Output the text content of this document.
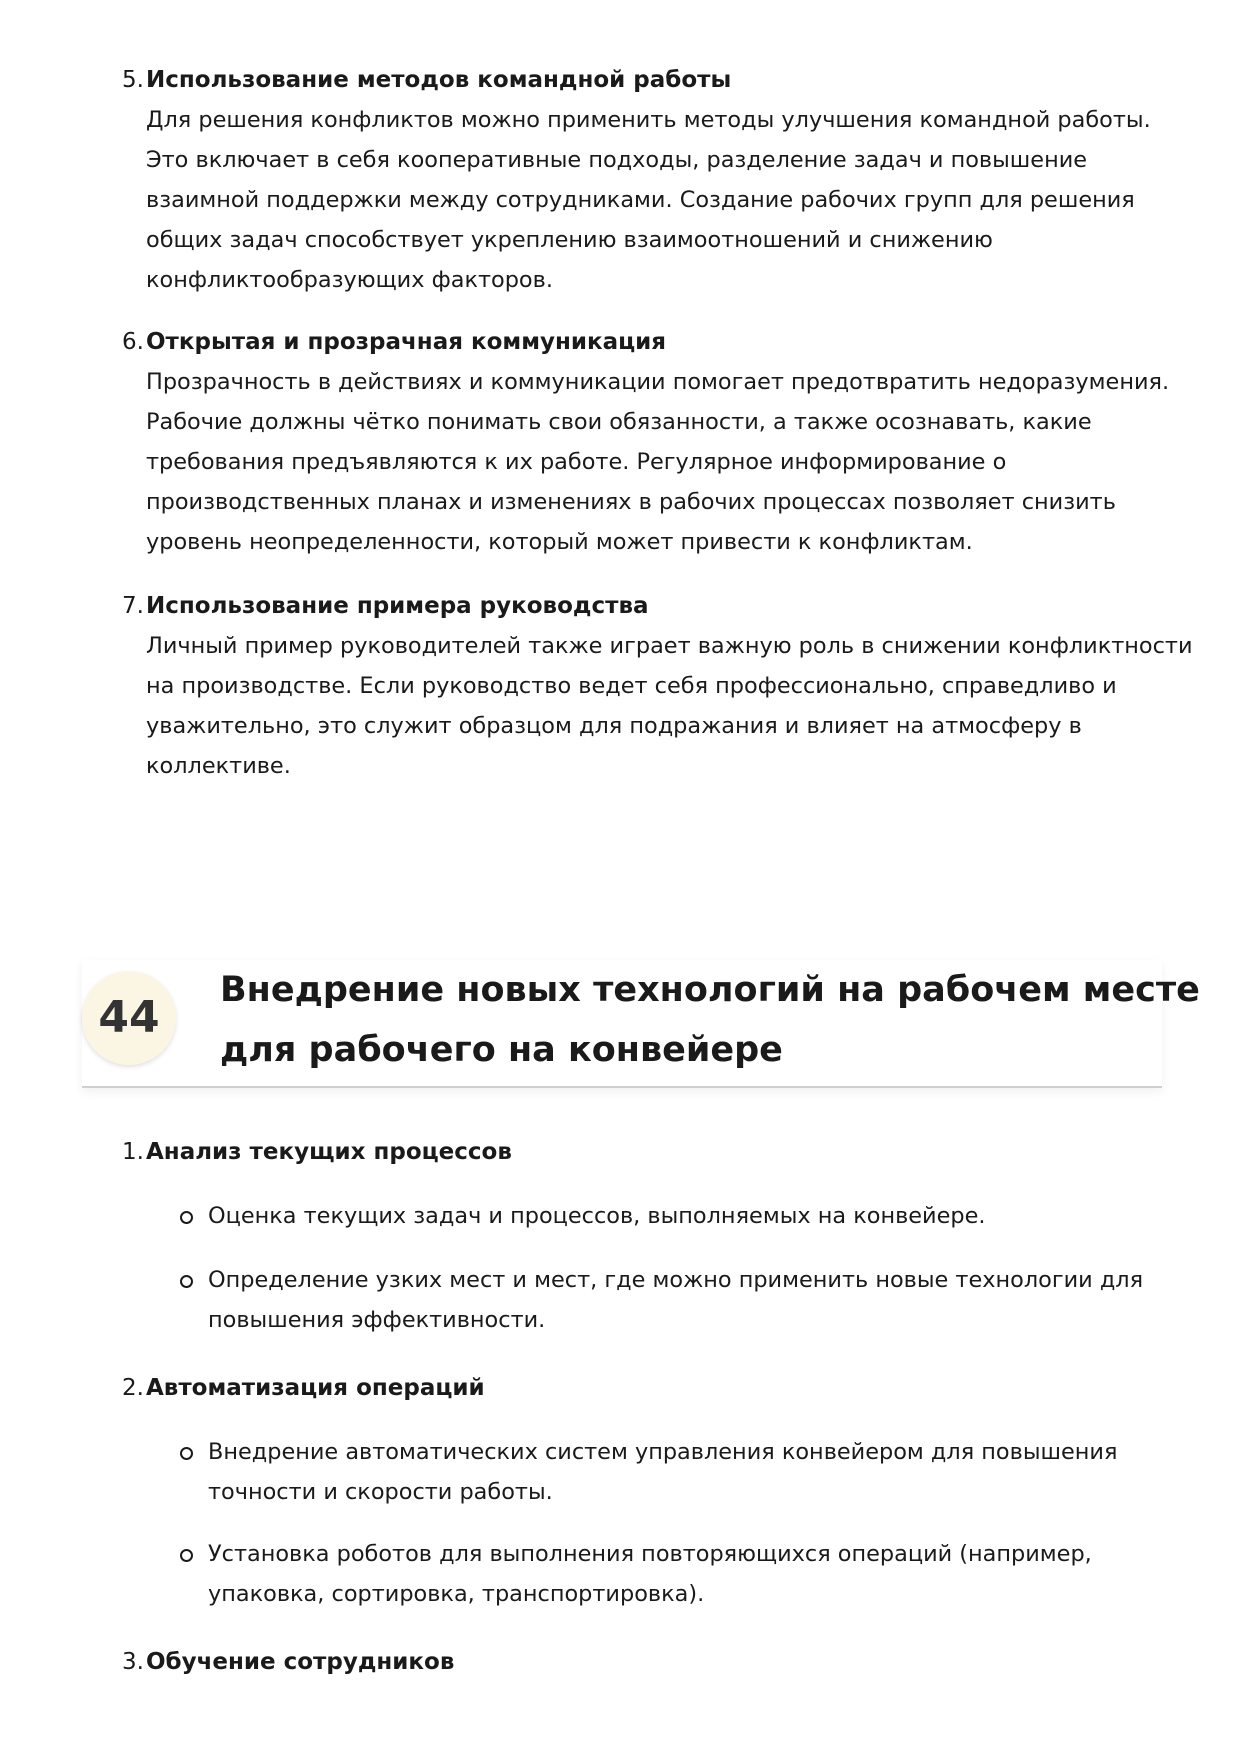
5. Использование методов командной работы
Для решения конфликтов можно применить методы улучшения командной работы.
Это включает в себя кооперативные подходы, разделение задач и повышение
взаимной поддержки между сотрудниками. Создание рабочих групп для решения
общих задач способствует укреплению взаимоотношений и снижению
конфликтообразующих факторов.
6. Открытая и прозрачная коммуникация
Прозрачность в действиях и коммуникации помогает предотвратить недоразумения.
Рабочие должны чётко понимать свои обязанности, а также осознавать, какие
требования предъявляются к их работе. Регулярное информирование о
производственных планах и изменениях в рабочих процессах позволяет снизить
уровень неопределенности, который может привести к конфликтам.
7. Использование примера руководства
Личный пример руководителей также играет важную роль в снижении конфликтности
на производстве. Если руководство ведет себя профессионально, справедливо и
уважительно, это служит образцом для подражания и влияет на атмосферу в
коллективе.
44
Внедрение новых технологий на рабочем месте
для рабочего на конвейере
1. Анализ текущих процессов
Оценка текущих задач и процессов, выполняемых на конвейере.
Определение узких мест и мест, где можно применить новые технологии для
повышения эффективности.
2. Автоматизация операций
Внедрение автоматических систем управления конвейером для повышения
точности и скорости работы.
Установка роботов для выполнения повторяющихся операций (например,
упаковка, сортировка, транспортировка).
3. Обучение сотрудников
